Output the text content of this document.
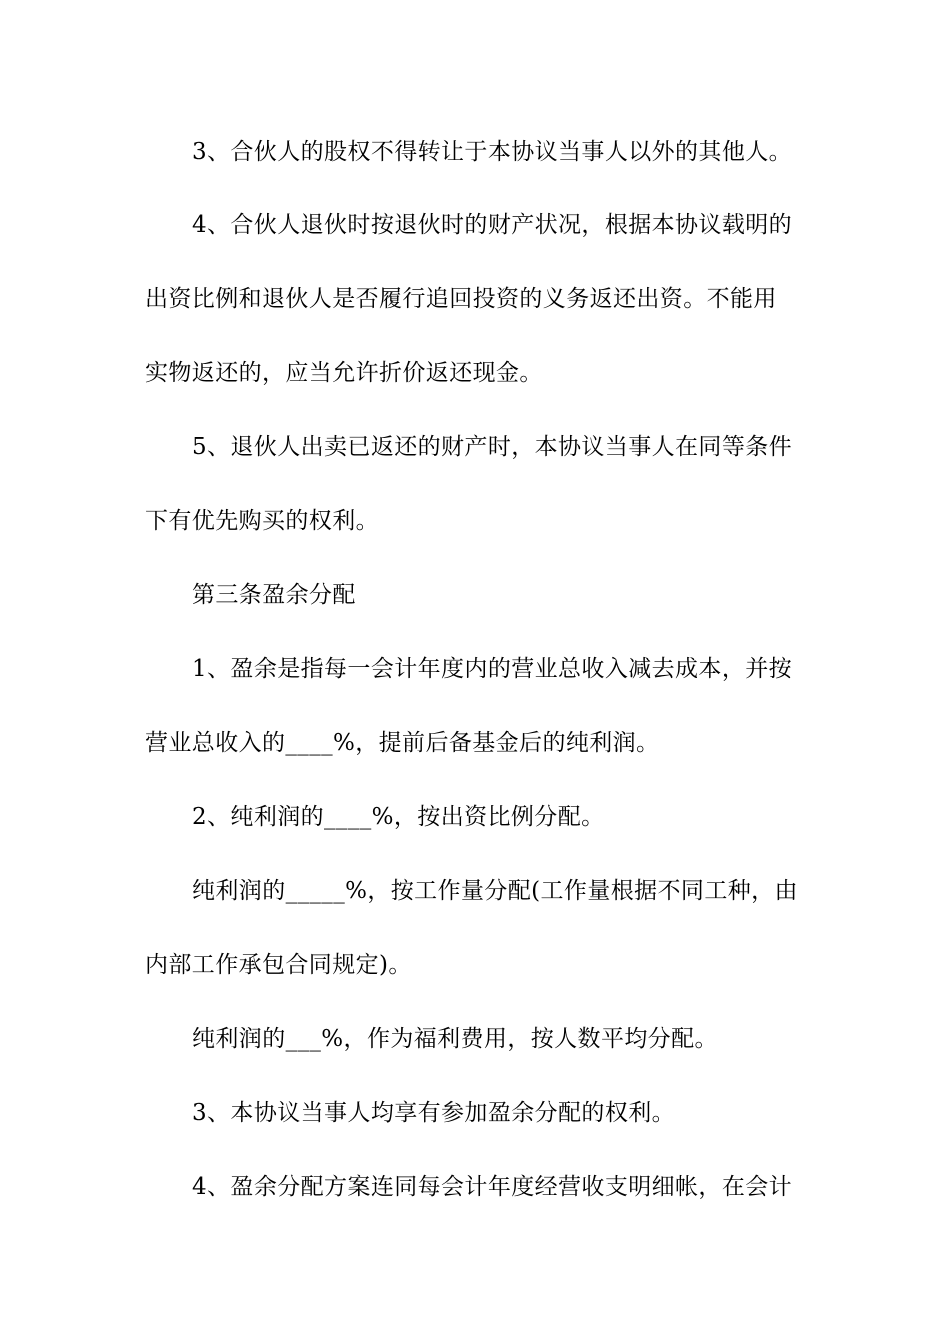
3、合伙人的股权不得转让于本协议当事人以外的其他人。
4、合伙人退伙时按退伙时的财产状况，根据本协议载明的
出资比例和退伙人是否履行追回投资的义务返还出资。不能用
实物返还的，应当允许折价返还现金。
5、退伙人出卖已返还的财产时，本协议当事人在同等条件
下有优先购买的权利。
第三条盈余分配
1、盈余是指每一会计年度内的营业总收入减去成本，并按
营业总收入的____%，提前后备基金后的纯利润。
2、纯利润的____%，按出资比例分配。
纯利润的_____%，按工作量分配(工作量根据不同工种，由
内部工作承包合同规定)。
纯利润的___%，作为福利费用，按人数平均分配。
3、本协议当事人均享有参加盈余分配的权利。
4、盈余分配方案连同每会计年度经营收支明细帐，在会计
